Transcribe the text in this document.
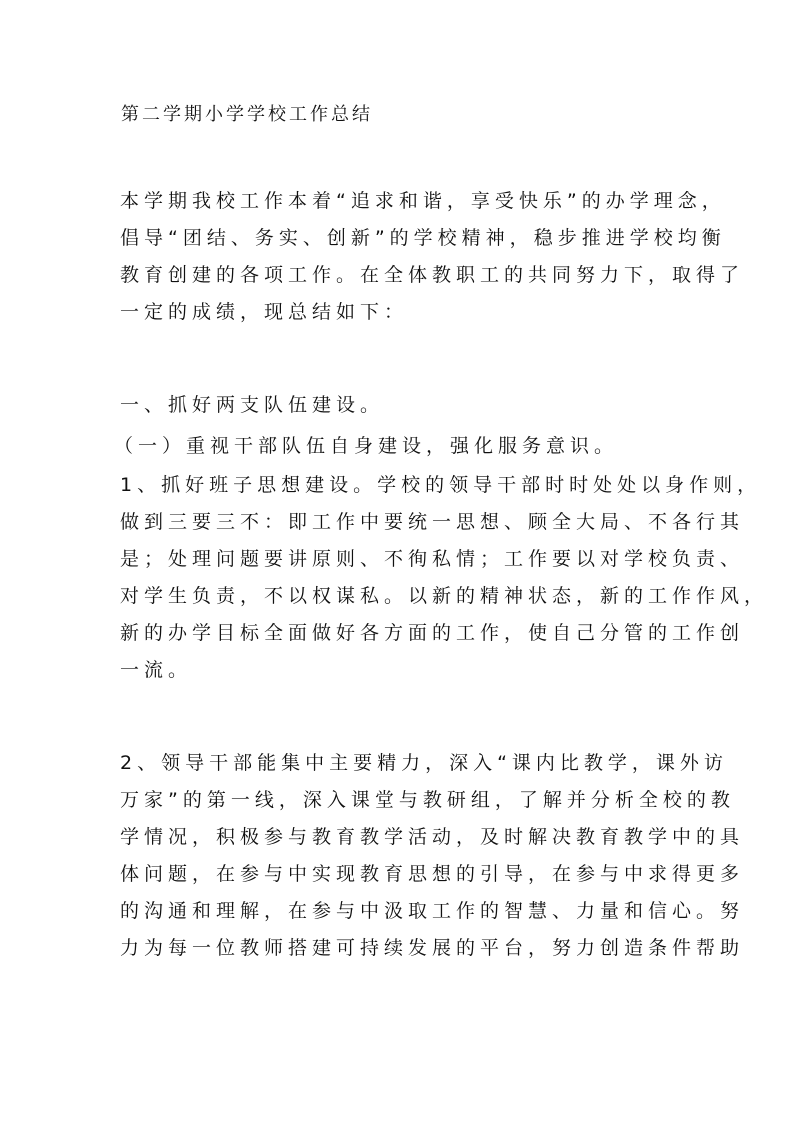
第二学期小学学校工作总结
本学期我校工作本着“追求和谐，享受快乐”的办学理念，
倡导“团结、务实、创新”的学校精神，稳步推进学校均衡
教育创建的各项工作。在全体教职工的共同努力下，取得了
一定的成绩，现总结如下：
一、抓好两支队伍建设。
（一）重视干部队伍自身建设，强化服务意识。
1、抓好班子思想建设。学校的领导干部时时处处以身作则，
做到三要三不：即工作中要统一思想、顾全大局、不各行其
是；处理问题要讲原则、不徇私情；工作要以对学校负责、
对学生负责，不以权谋私。以新的精神状态，新的工作作风，
新的办学目标全面做好各方面的工作，使自己分管的工作创
一流。
2、领导干部能集中主要精力，深入“课内比教学，课外访
万家”的第一线，深入课堂与教研组，了解并分析全校的教
学情况，积极参与教育教学活动，及时解决教育教学中的具
体问题，在参与中实现教育思想的引导，在参与中求得更多
的沟通和理解，在参与中汲取工作的智慧、力量和信心。努
力为每一位教师搭建可持续发展的平台，努力创造条件帮助
